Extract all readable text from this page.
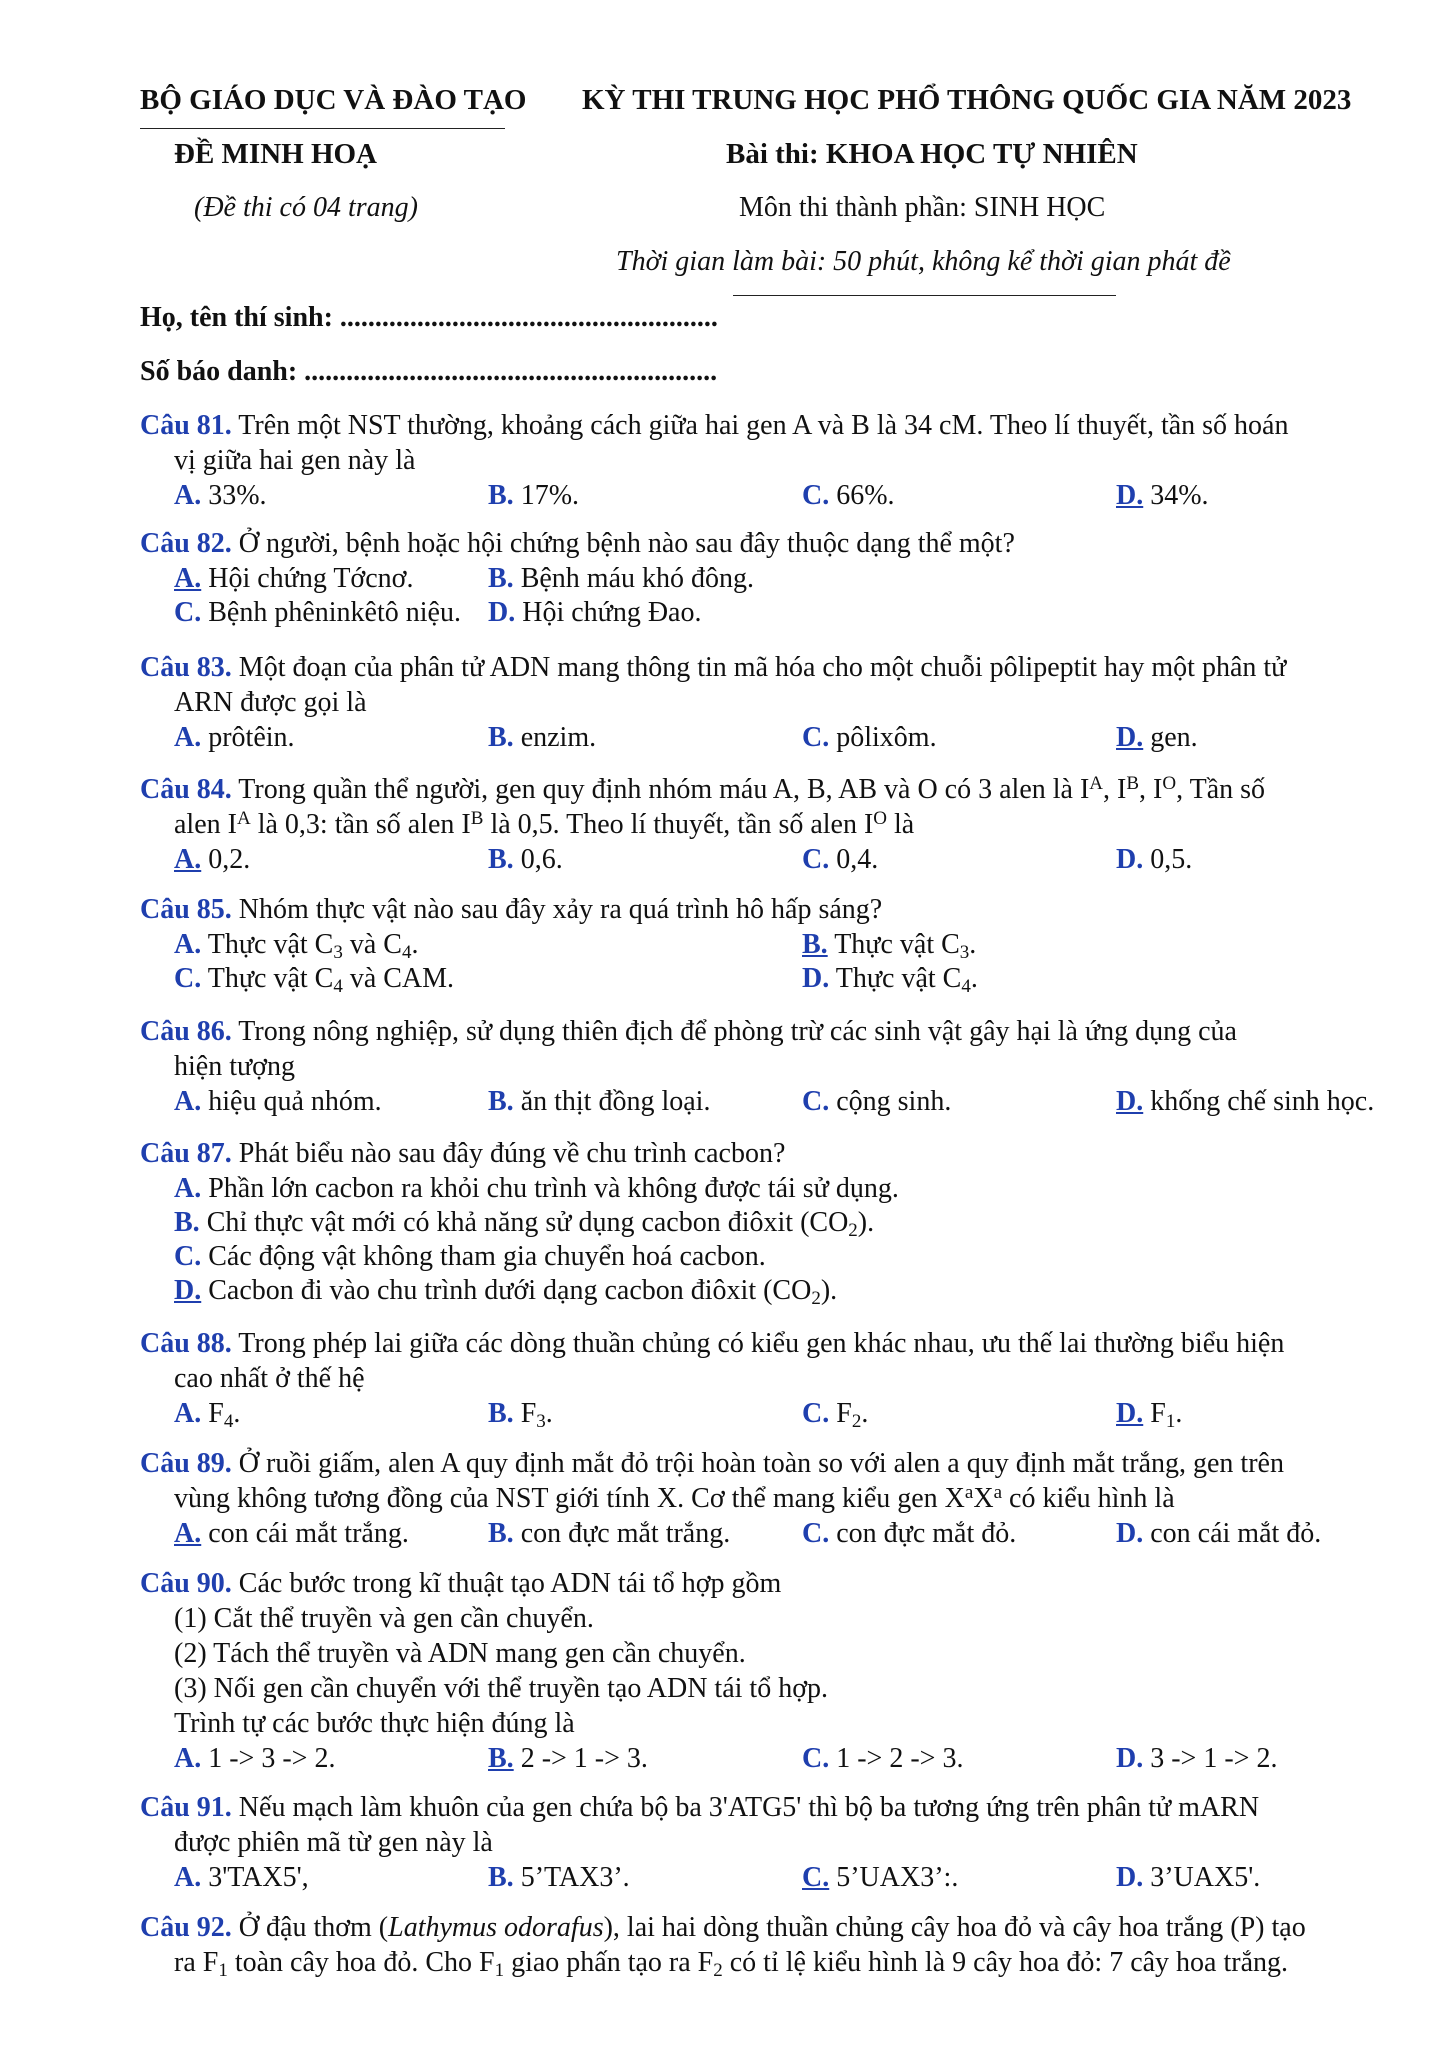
BỘ GIÁO DỤC VÀ ĐÀO TẠO KỲ THI TRUNG HỌC PHỔ THÔNG QUỐC GIA NĂM 2023
ĐỀ MINH HOẠ	Bài thi: KHOA HỌC TỰ NHIÊN
(Đề thi có 04 trang)	Môn thi thành phần: SINH HỌC
Thời gian làm bài: 50 phút, không kể thời gian phát đề
Họ, tên thí sinh: ......................................................
Số báo danh: ...........................................................
Câu 81. Trên một NST thường, khoảng cách giữa hai gen A và B là 34 cM. Theo lí thuyết, tần số hoán
vị giữa hai gen này là
A. 33%.	B. 17%.	C. 66%.	D. 34%.
Câu 82. Ở người, bệnh hoặc hội chứng bệnh nào sau đây thuộc dạng thể một?
A. Hội chứng Tớcnơ.	B. Bệnh máu khó đông.
C. Bệnh phêninkêtô niệu. D. Hội chứng Đao.
Câu 83. Một đoạn của phân tử ADN mang thông tin mã hóa cho một chuỗi pôlipeptit hay một phân tử
ARN được gọi là
A. prôtêin.	B. enzim.	C. pôlixôm.	D. gen.
Câu 84. Trong quần thể người, gen quy định nhóm máu A, B, AB và O có 3 alen là $I^A$, $I^B$, $I^O$, Tần số
alen $I^A$ là 0,3: tần số alen $I^B$ là 0,5. Theo lí thuyết, tần số alen $I^O$ là
A. 0,2.	B. 0,6.	C. 0,4.	D. 0,5.
Câu 85. Nhóm thực vật nào sau đây xảy ra quá trình hô hấp sáng?
A. Thực vật $C_3$ và $C_4$.	B. Thực vật $C_3$.
C. Thực vật $C_4$ và CAM.	D. Thực vật $C_4$.
Câu 86. Trong nông nghiệp, sử dụng thiên địch để phòng trừ các sinh vật gây hại là ứng dụng của
hiện tượng
A. hiệu quả nhóm.	B. ăn thịt đồng loại.	C. cộng sinh.	D. khống chế sinh học.
Câu 87. Phát biểu nào sau đây đúng về chu trình cacbon?
A. Phần lớn cacbon ra khỏi chu trình và không được tái sử dụng.
B. Chỉ thực vật mới có khả năng sử dụng cacbon điôxit $(CO_2)$.
C. Các động vật không tham gia chuyển hoá cacbon.
D. Cacbon đi vào chu trình dưới dạng cacbon điôxit $(CO_2)$.
Câu 88. Trong phép lai giữa các dòng thuần chủng có kiểu gen khác nhau, ưu thế lai thường biểu hiện
cao nhất ở thế hệ
A. $F_4$.	B. $F_3$.	C. $F_2$.	D. $F_1$.
Câu 89. Ở ruồi giấm, alen A quy định mắt đỏ trội hoàn toàn so với alen a quy định mắt trắng, gen trên
vùng không tương đồng của NST giới tính X. Cơ thể mang kiểu gen $X^aX^a$ có kiểu hình là
A. con cái mắt trắng.	B. con đực mắt trắng.	C. con đực mắt đỏ.	D. con cái mắt đỏ.
Câu 90. Các bước trong kĩ thuật tạo ADN tái tổ hợp gồm
(1) Cắt thể truyền và gen cần chuyển.
(2) Tách thể truyền và ADN mang gen cần chuyển.
(3) Nối gen cần chuyển với thể truyền tạo ADN tái tổ hợp.
Trình tự các bước thực hiện đúng là
A. 1 -> 3 -> 2.	B. 2 -> 1 -> 3.	C. 1 -> 2 -> 3.	D. 3 -> 1 -> 2.
Câu 91. Nếu mạch làm khuôn của gen chứa bộ ba 3'ATG5' thì bộ ba tương ứng trên phân tử mARN
được phiên mã từ gen này là
A. 3'TAX5',	B. 5’TAX3’.	C. 5’UAX3’:.	D. 3’UAX5'.
Câu 92. Ở đậu thơm (Lathymus odorafus), lai hai dòng thuần chủng cây hoa đỏ và cây hoa trắng (P) tạo
ra $F_1$ toàn cây hoa đỏ. Cho $F_1$ giao phấn tạo ra $F_2$ có tỉ lệ kiểu hình là 9 cây hoa đỏ: 7 cây hoa trắng.
